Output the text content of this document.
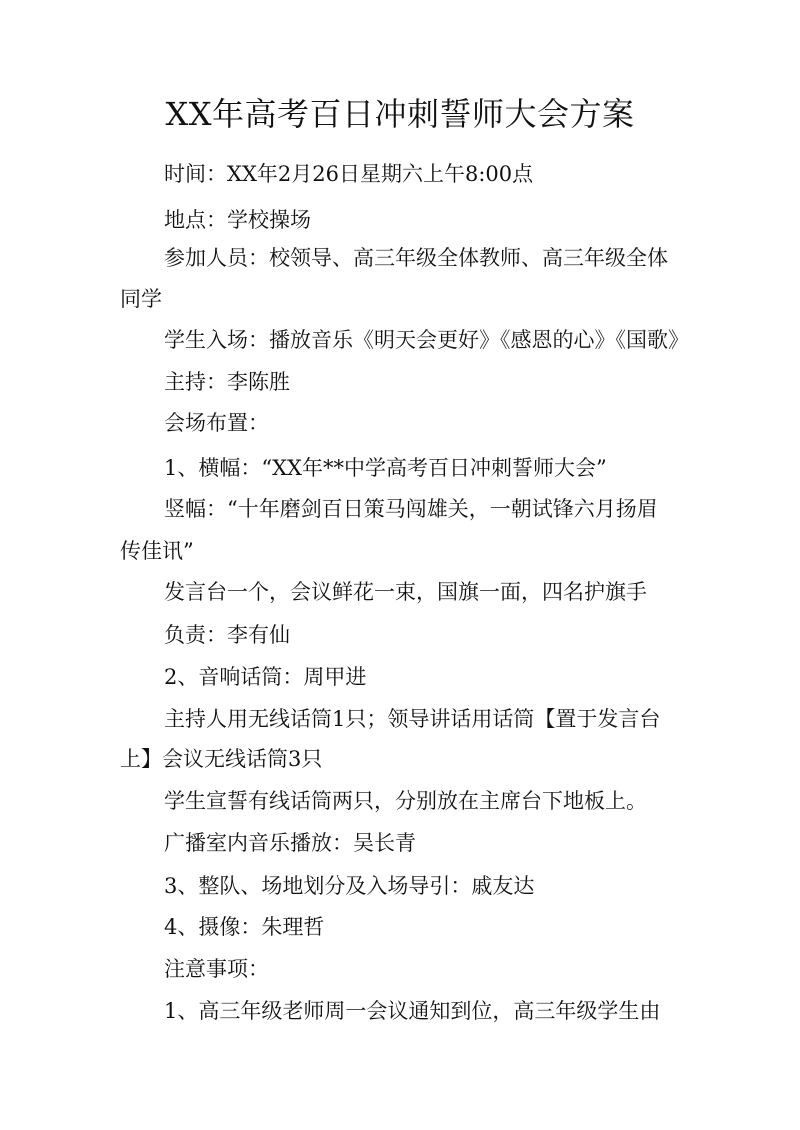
XX年高考百日冲刺誓师大会方案
时间：XX年2月26日星期六上午8:00点
地点：学校操场
参加人员：校领导、高三年级全体教师、高三年级全体
同学
学生入场：播放音乐《明天会更好》《感恩的心》《国歌》
主持：李陈胜
会场布置：
1、横幅：“XX年**中学高考百日冲刺誓师大会”
竖幅：“十年磨剑百日策马闯雄关，一朝试锋六月扬眉
传佳讯”
发言台一个，会议鲜花一束，国旗一面，四名护旗手
负责：李有仙
2、音响话筒：周甲进
主持人用无线话筒1只；领导讲话用话筒【置于发言台
上】会议无线话筒3只
学生宣誓有线话筒两只，分别放在主席台下地板上。
广播室内音乐播放：吴长青
3、整队、场地划分及入场导引：戚友达
4、摄像：朱理哲
注意事项：
1、高三年级老师周一会议通知到位，高三年级学生由
